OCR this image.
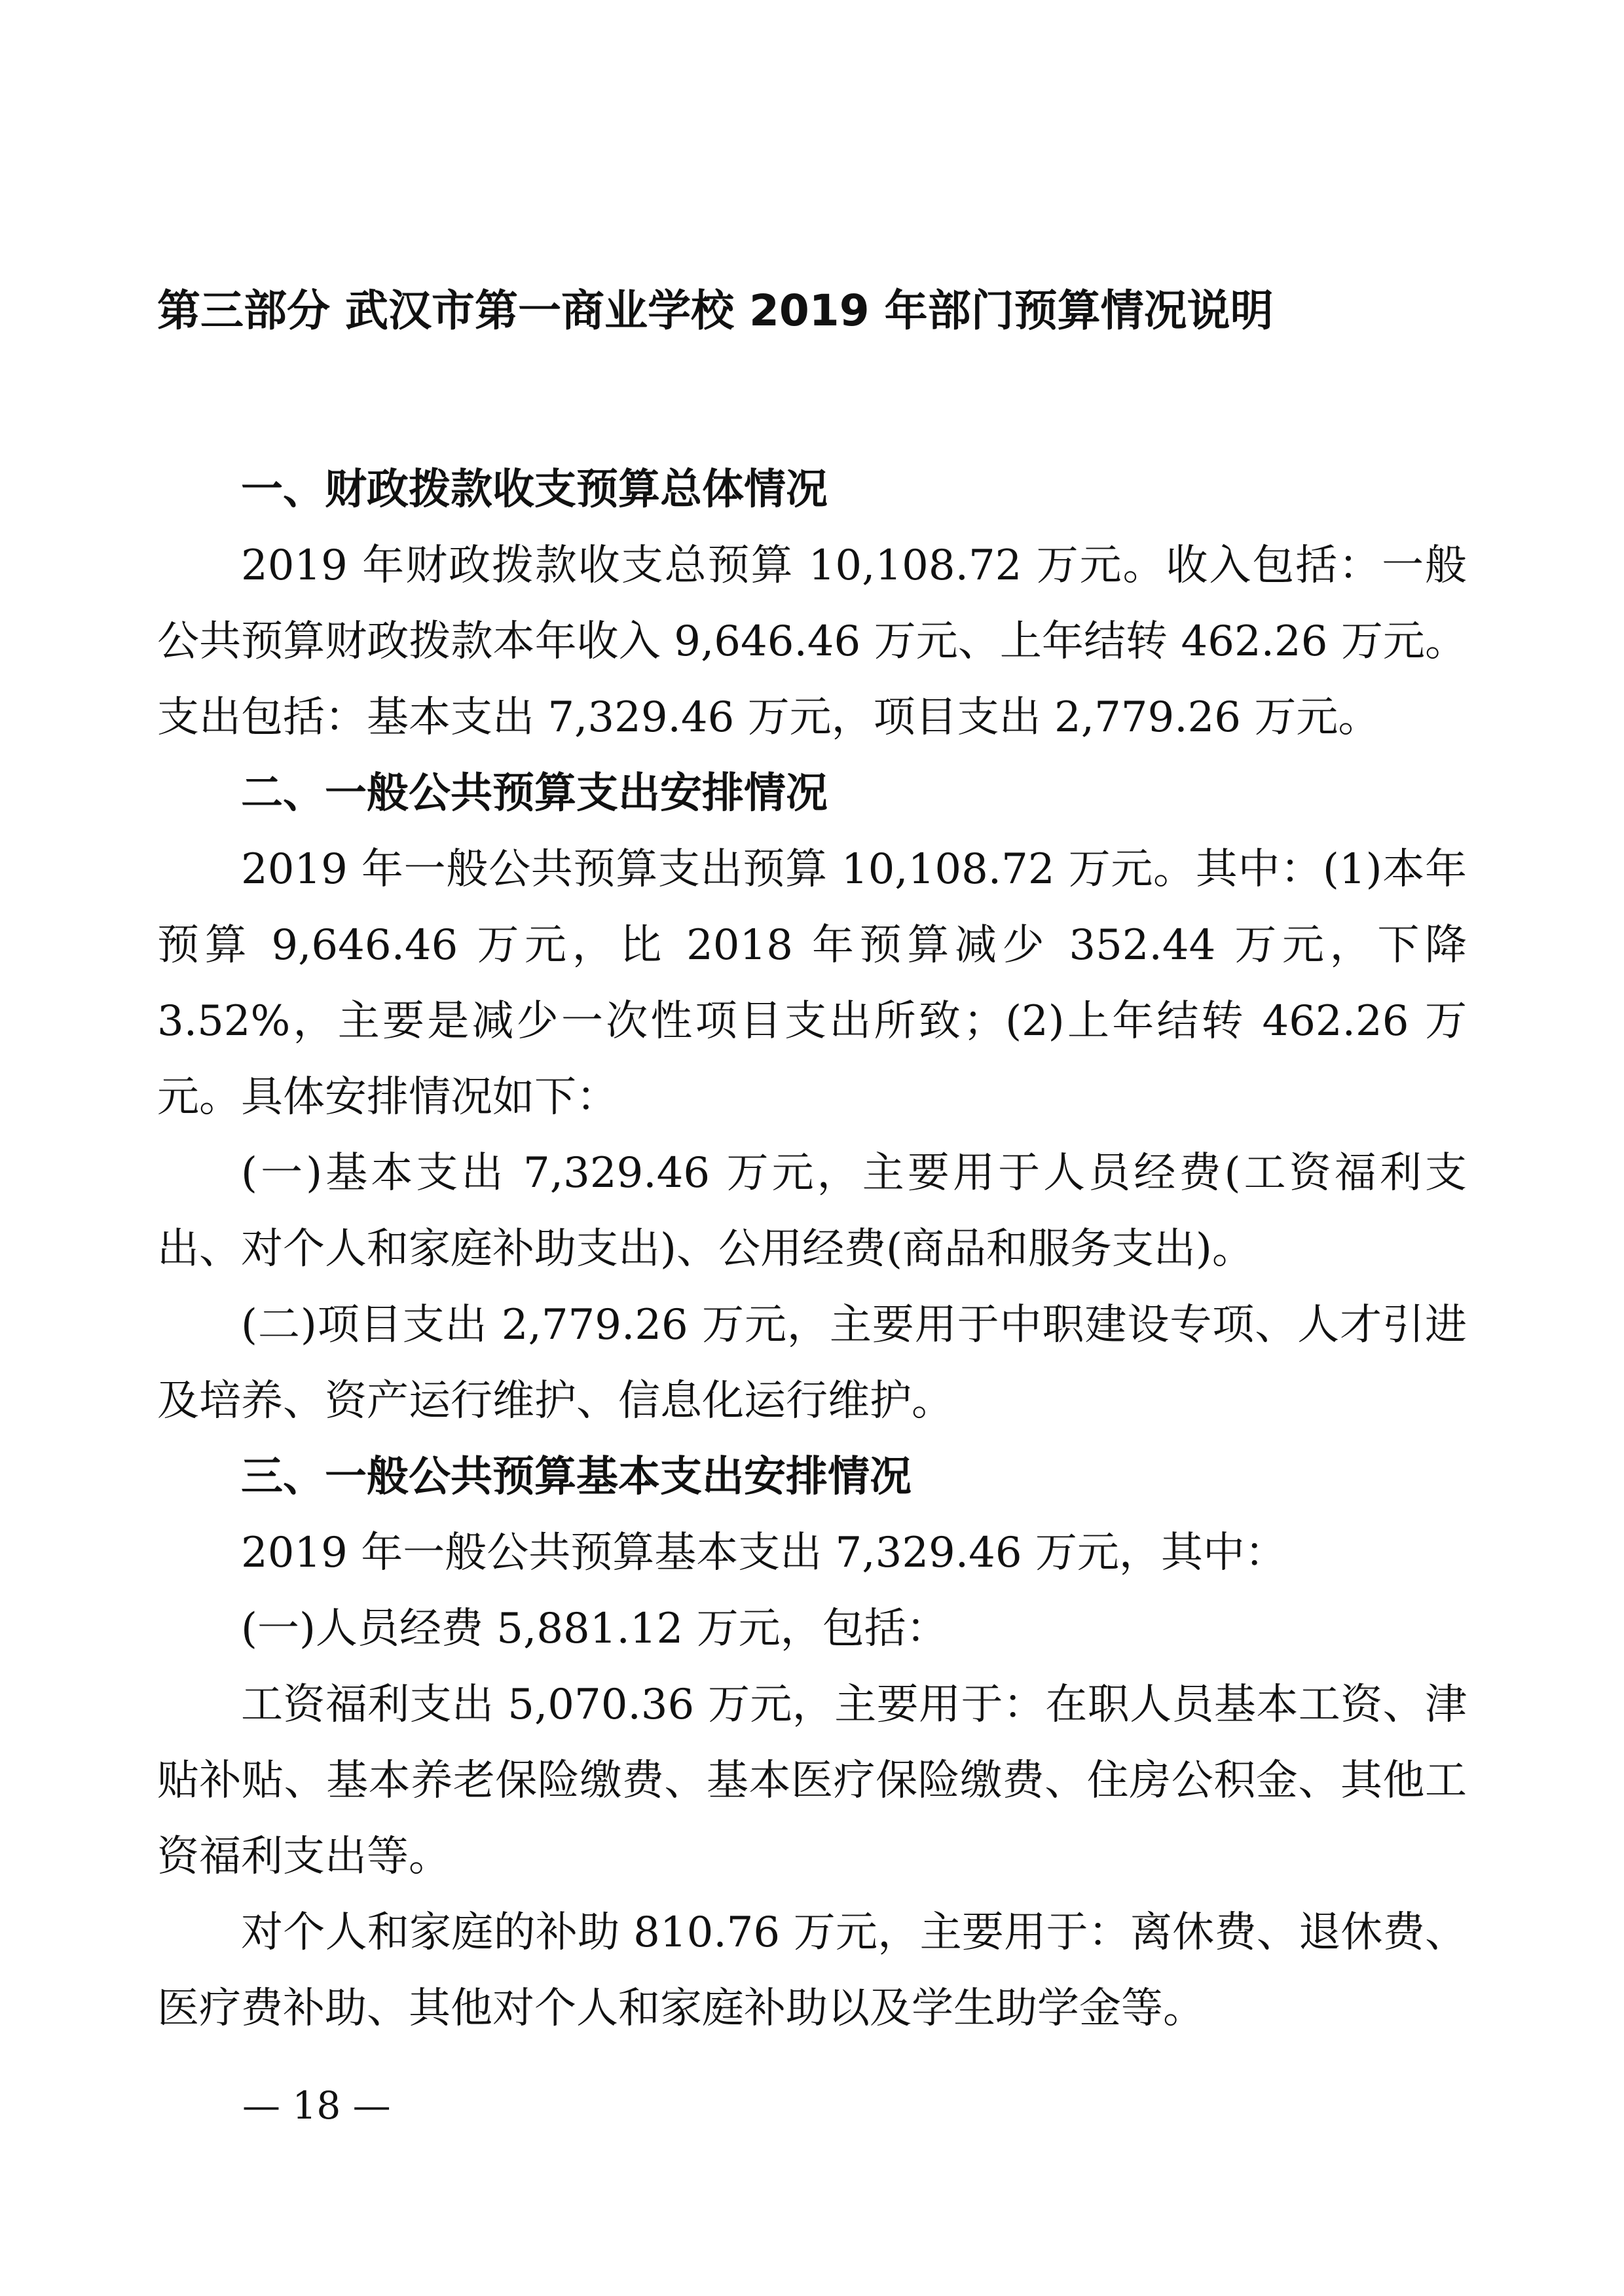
第三部分 武汉市第一商业学校 2019 年部门预算情况说明

一、财政拨款收支预算总体情况

2019 年财政拨款收支总预算 10,108.72 万元。收入包括：一般公共预算财政拨款本年收入 9,646.46 万元、上年结转 462.26 万元。支出包括：基本支出 7,329.46 万元，项目支出 2,779.26 万元。

二、一般公共预算支出安排情况

2019 年一般公共预算支出预算 10,108.72 万元。其中：(1)本年预算 9,646.46 万元，比 2018 年预算减少 352.44 万元，下降 3.52%，主要是减少一次性项目支出所致；(2)上年结转 462.26 万元。具体安排情况如下：

(一)基本支出 7,329.46 万元，主要用于人员经费(工资福利支出、对个人和家庭补助支出)、公用经费(商品和服务支出)。

(二)项目支出 2,779.26 万元，主要用于中职建设专项、人才引进及培养、资产运行维护、信息化运行维护。

三、一般公共预算基本支出安排情况

2019 年一般公共预算基本支出 7,329.46 万元，其中：

(一)人员经费 5,881.12 万元，包括：

工资福利支出 5,070.36 万元，主要用于：在职人员基本工资、津贴补贴、基本养老保险缴费、基本医疗保险缴费、住房公积金、其他工资福利支出等。

对个人和家庭的补助 810.76 万元，主要用于：离休费、退休费、医疗费补助、其他对个人和家庭补助以及学生助学金等。

— 18 —
